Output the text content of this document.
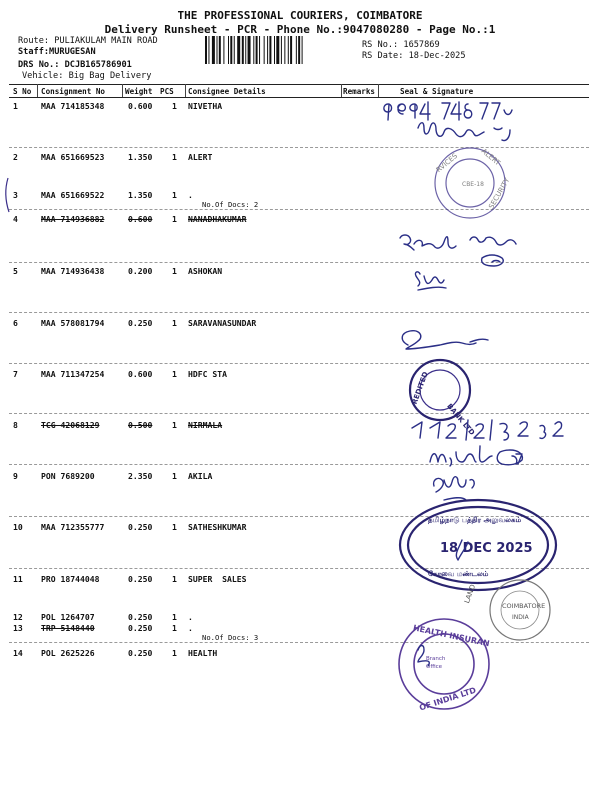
THE PROFESSIONAL COURIERS, COIMBATORE
Delivery Runsheet - PCR - Phone No.:9047080280 - Page No.:1
Route: PULIAKULAM MAIN ROAD
Staff:MURUGESAN
DRS No.: DCJB165786901
Vehicle: Big Bag Delivery
RS No.: 1657869
RS Date: 18-Dec-2025
S No Consignment No	Weight PCS Consignee Details	Remarks	Seal & Signature
1	MAA 714185348	0.600 1 NIVETHA
2	MAA 651669523	1.350 1 ALERT
3	MAA 651669522	1.350 1 .
No.Of Docs: 2
4	MAA 714936882	0.600 1 NANADHAKUMAR
5	MAA 714936438	0.200 1 ASHOKAN
6	MAA 578081794	0.250 1 SARAVANASUNDAR
7	MAA 711347254	0.600 1 HDFC STA
8	TCG 42068129	0.500 1 NIRMALA
9	PON 7689200	2.350 1 AKILA
10 MAA 712355777	0.250 1 SATHESHKUMAR
11 PRO 18744048	0.250 1 SUPER  SALES
12 POL 1264707	0.250 1 .
13 TRP 5148440	0.250 1 .
No.Of Docs: 3
14 POL 2625226	0.250 1 HEALTH
CBE-18
RVICES	ALERT
SECURITY
REDITED
BANK LTD
தமிழ்நாடு பத்திர அலுவலகம்
கோவை மண்டலம்
18 DEC 2025
COIMBATORE
INDIA
LAND
HEALTH INSURAN
OF INDIA LTD
Branch
Office
